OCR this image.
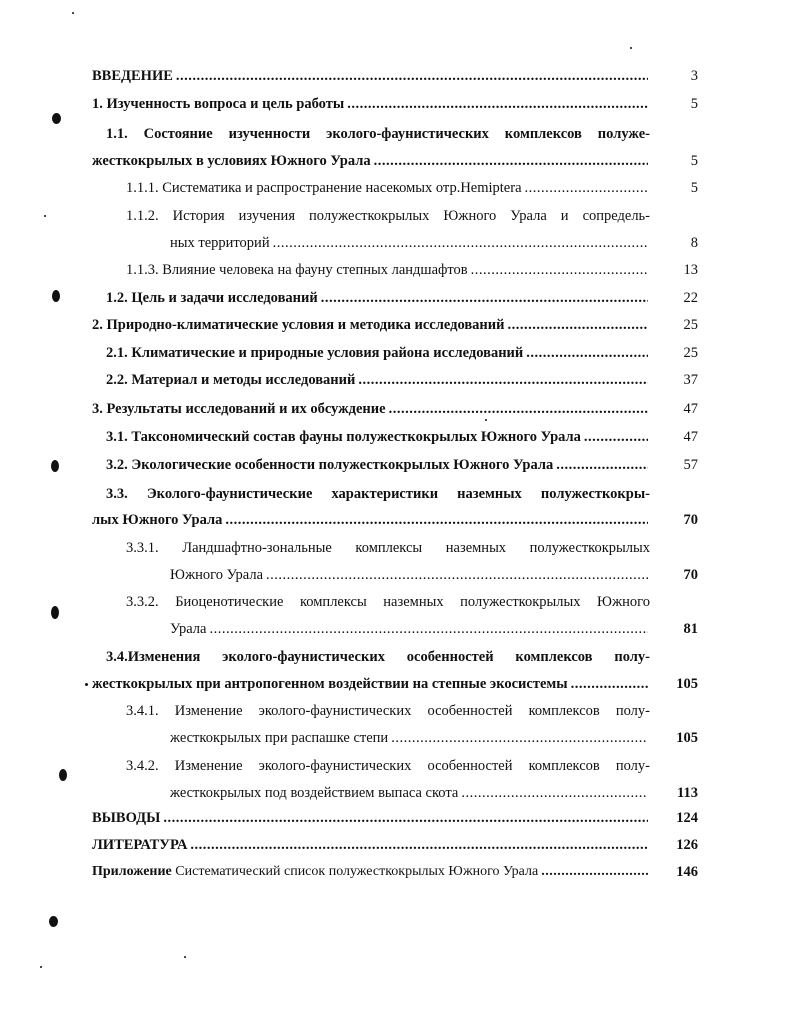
ВВЕДЕНИЕ .....	3
1. Изученность вопроса и цель работы .....	5
1.1. Состояние изученности эколого-фаунистических комплексов полуже-
жесткокрылых в условиях Южного Урала .....	5
1.1.1. Систематика и распространение насекомых отр.Hemiptera .....	5
1.1.2. История изучения полужесткокрылых Южного Урала и сопредель-
ных территорий .....	8
1.1.3. Влияние человека на фауну степных ландшафтов .....	13
1.2. Цель и задачи исследований .....	22
2. Природно-климатические условия и методика исследований .....	25
2.1. Климатические и природные условия района исследований .....	25
2.2. Материал и методы исследований .....	37
3. Результаты исследований и их обсуждение .....	47
3.1. Таксономический состав фауны полужесткокрылых Южного Урала .....	47
3.2. Экологические особенности полужесткокрылых Южного Урала .....	57
3.3. Эколого-фаунистические характеристики наземных полужесткокры-
лых Южного Урала .....	70
3.3.1. Ландшафтно-зональные комплексы наземных полужесткокрылых
Южного Урала .....	70
3.3.2. Биоценотические комплексы наземных полужесткокрылых Южного
Урала .....	81
3.4.Изменения эколого-фаунистических особенностей комплексов полу-
жесткокрылых при антропогенном воздействии на степные экосистемы .....	105
3.4.1. Изменение эколого-фаунистических особенностей комплексов полу-
жесткокрылых при распашке степи .....	105
3.4.2. Изменение эколого-фаунистических особенностей комплексов полу-
жесткокрылых под воздействием выпаса скота .....	113
ВЫВОДЫ .....	124
ЛИТЕРАТУРА .....	126
Приложение Систематический список полужесткокрылых Южного Урала .....	146
